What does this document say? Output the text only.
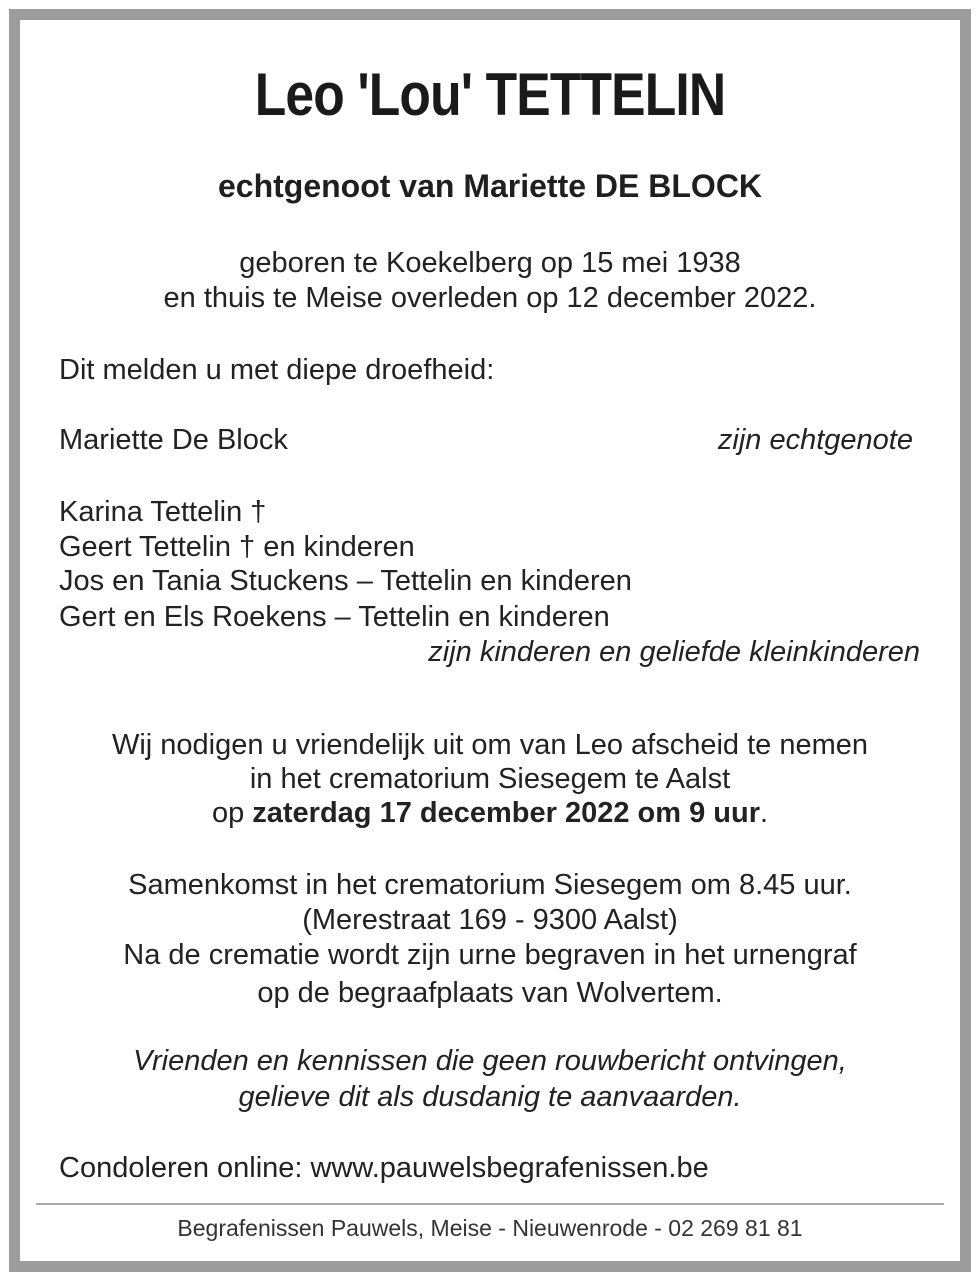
Leo 'Lou' TETTELIN
echtgenoot van Mariette DE BLOCK
geboren te Koekelberg op 15 mei 1938
en thuis te Meise overleden op 12 december 2022.
Dit melden u met diepe droefheid:
Mariette De Block	zijn echtgenote
Karina Tettelin †
Geert Tettelin † en kinderen
Jos en Tania Stuckens – Tettelin en kinderen
Gert en Els Roekens – Tettelin en kinderen
zijn kinderen en geliefde kleinkinderen
Wij nodigen u vriendelijk uit om van Leo afscheid te nemen
in het crematorium Siesegem te Aalst
op zaterdag 17 december 2022 om 9 uur.
Samenkomst in het crematorium Siesegem om 8.45 uur.
(Merestraat 169 - 9300 Aalst)
Na de crematie wordt zijn urne begraven in het urnengraf
op de begraafplaats van Wolvertem.
Vrienden en kennissen die geen rouwbericht ontvingen,
gelieve dit als dusdanig te aanvaarden.
Condoleren online: www.pauwelsbegrafenissen.be
Begrafenissen Pauwels, Meise - Nieuwenrode - 02 269 81 81
